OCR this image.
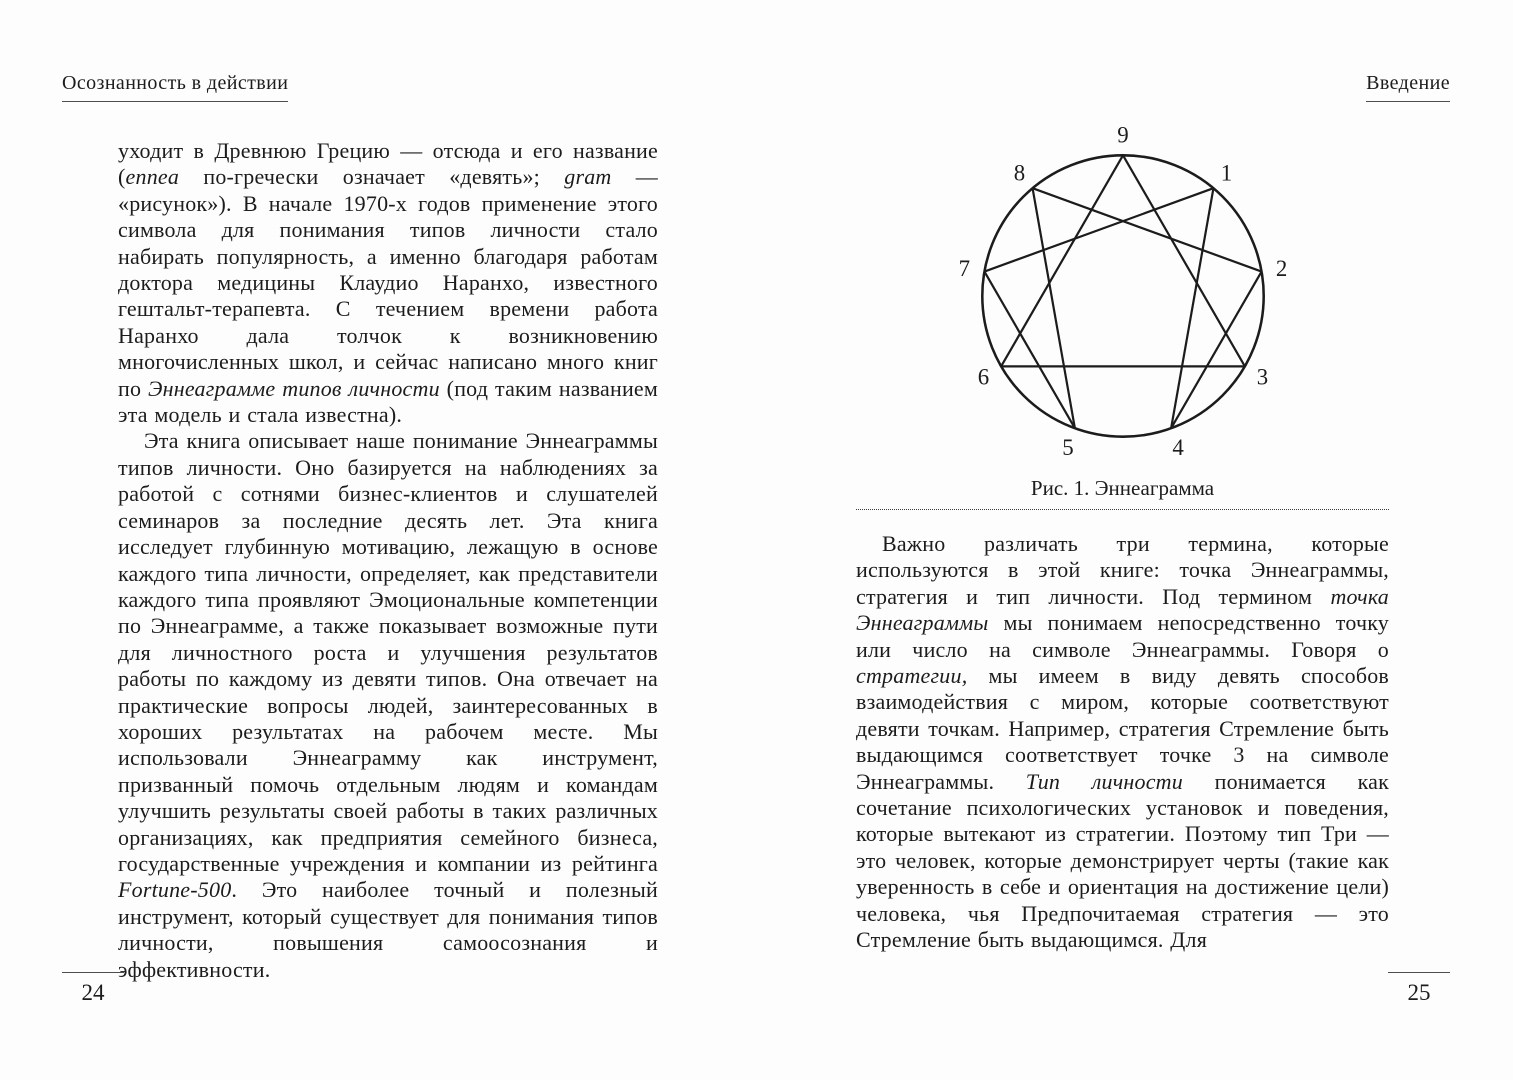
Осознанность в действии

уходит в Древнюю Грецию — отсюда и его название (ennea по-гречески означает «девять»; gram — «рисунок»). В начале 1970-х годов применение этого символа для понимания типов личности стало набирать популярность, а именно благодаря работам доктора медицины Клаудио Наранхо, известного гештальт-терапевта. С течением времени работа Наранхо дала толчок к возникновению многочисленных школ, и сейчас написано много книг по Эннеаграмме типов личности (под таким названием эта модель и стала известна).

Эта книга описывает наше понимание Эннеаграммы типов личности. Оно базируется на наблюдениях за работой с сотнями бизнес-клиентов и слушателей семинаров за последние десять лет. Эта книга исследует глубинную мотивацию, лежащую в основе каждого типа личности, определяет, как представители каждого типа проявляют Эмоциональные компетенции по Эннеаграмме, а также показывает возможные пути для личностного роста и улучшения результатов работы по каждому из девяти типов. Она отвечает на практические вопросы людей, заинтересованных в хороших результатах на рабочем месте. Мы использовали Эннеаграмму как инструмент, призванный помочь отдельным людям и командам улучшить результаты своей работы в таких различных организациях, как предприятия семейного бизнеса, государственные учреждения и компании из рейтинга Fortune-500. Это наиболее точный и полезный инструмент, который существует для понимания типов личности, повышения самоосознания и эффективности.

24
Введение
9
1
2
3
4
5
6
7
8
Рис. 1. Эннеаграмма

Важно различать три термина, которые используются в этой книге: точка Эннеаграммы, стратегия и тип личности. Под термином точка Эннеаграммы мы понимаем непосредственно точку или число на символе Эннеаграммы. Говоря о стратегии, мы имеем в виду девять способов взаимодействия с миром, которые соответствуют девяти точкам. Например, стратегия Стремление быть выдающимся соответствует точке 3 на символе Эннеаграммы. Тип личности понимается как сочетание психологических установок и поведения, которые вытекают из стратегии. Поэтому тип Три — это человек, которые демонстрирует черты (такие как уверенность в себе и ориентация на достижение цели) человека, чья Предпочитаемая стратегия — это Стремление быть выдающимся. Для

25
